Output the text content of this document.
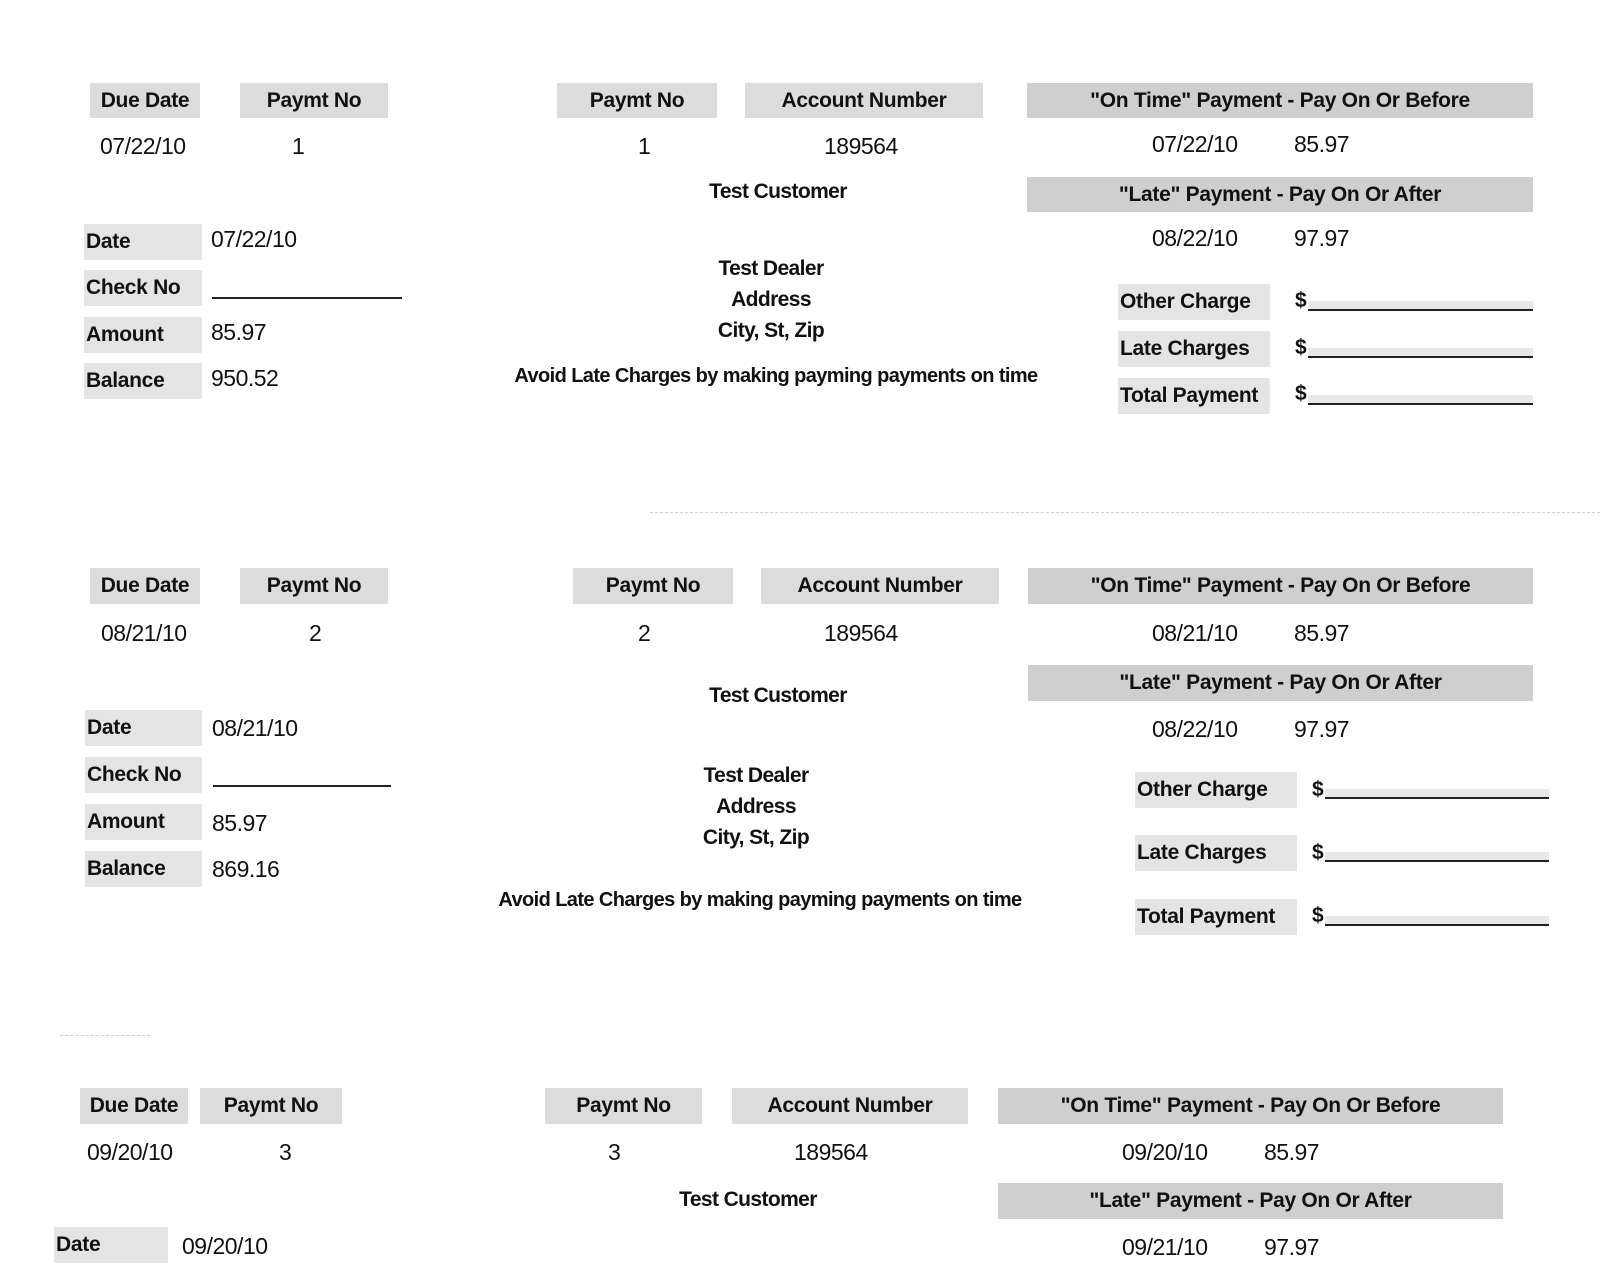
Due Date	Paymt No
07/22/10	1
Paymt No	Account Number
1	189564
Test Customer
Test Dealer
Address
City, St, Zip
Avoid Late Charges by making payming payments on time
"On Time" Payment - Pay On Or Before
07/22/10 85.97
"Late" Payment - Pay On Or After
08/22/10 97.97
Date	07/22/10
Check No
Amount	85.97
Balance	950.52
Other Charge	$
Late Charges	$
Total Payment	$
Due Date	Paymt No
08/21/10	2
Paymt No	Account Number
2	189564
Test Customer
Test Dealer
Address
City, St, Zip
Avoid Late Charges by making payming payments on time
"On Time" Payment - Pay On Or Before
08/21/10 85.97
"Late" Payment - Pay On Or After
08/22/10 97.97
Date	08/21/10
Check No
Amount	85.97
Balance	869.16
Other Charge	$
Late Charges	$
Total Payment	$
Due Date Paymt No
09/20/10	3
Paymt No	Account Number
3	189564
Test Customer
"On Time" Payment - Pay On Or Before
09/20/10 85.97
"Late" Payment - Pay On Or After
09/21/10 97.97
Date	09/20/10
